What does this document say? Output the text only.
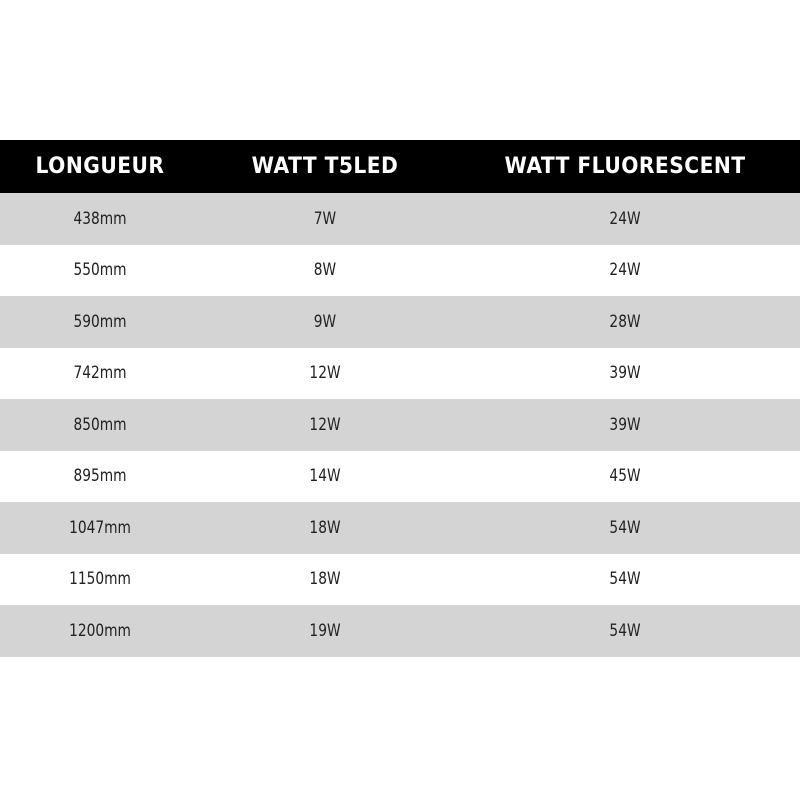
LONGUEUR	WATT T5LED	WATT FLUORESCENT
438mm	7W	24W
550mm	8W	24W
590mm	9W	28W
742mm	12W	39W
850mm	12W	39W
895mm	14W	45W
1047mm	18W	54W
1150mm	18W	54W
1200mm	19W	54W
